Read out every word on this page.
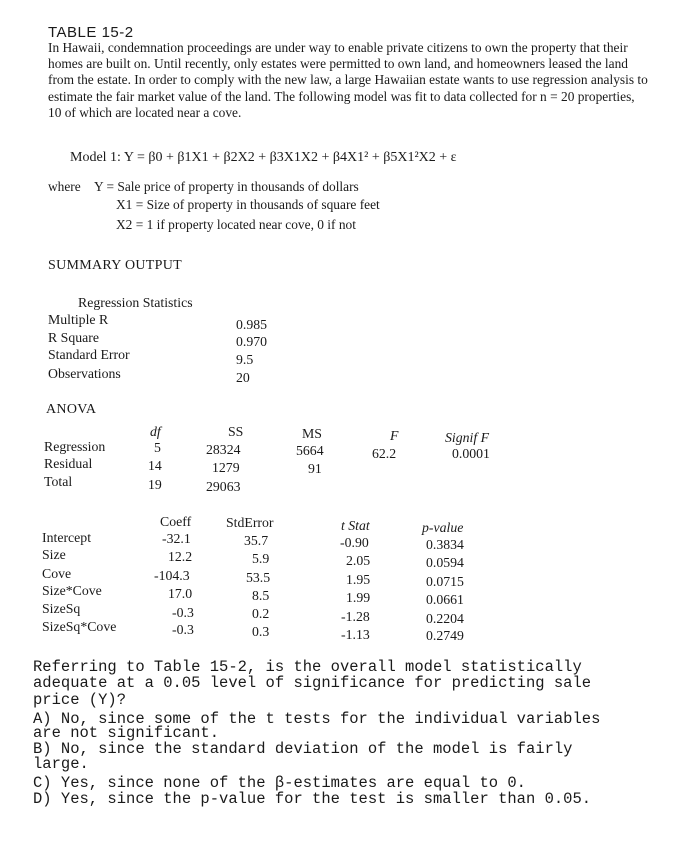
TABLE 15-2
In Hawaii, condemnation proceedings are under way to enable private citizens to own the property that their homes are built on. Until recently, only estates were permitted to own land, and homeowners leased the land from the estate. In order to comply with the new law, a large Hawaiian estate wants to use regression analysis to estimate the fair market value of the land. The following model was fit to data collected for n = 20 properties, 10 of which are located near a cove.
Model 1: Y = β0 + β1X1 + β2X2 + β3X1X2 + β4X1² + β5X1²X2 + ε
where Y = Sale price of property in thousands of dollars
X1 = Size of property in thousands of square feet
X2 = 1 if property located near cove, 0 if not
SUMMARY OUTPUT
Regression Statistics
Multiple R	0.985
R Square	0.970
Standard Error	9.5
Observations	20
ANOVA
df	SS	MS	F	Signif F
Regression	5	28324	5664	62.2	0.0001
Residual	14	1279	91
Total	19	29063
Coeff	StdError	t Stat	p-value
Intercept	-32.1	35.7	-0.90	0.3834
Size	12.2	5.9	2.05	0.0594
Cove	-104.3	53.5	1.95	0.0715
Size*Cove	17.0	8.5	1.99	0.0661
SizeSq	-0.3	0.2	-1.28	0.2204
SizeSq*Cove	-0.3	0.3	-1.13	0.2749
Referring to Table 15-2, is the overall model statistically
adequate at a 0.05 level of significance for predicting sale
price (Y)?
A) No, since some of the t tests for the individual variables
are not significant.
B) No, since the standard deviation of the model is fairly
large.
C) Yes, since none of the β-estimates are equal to 0.
D) Yes, since the p-value for the test is smaller than 0.05.
